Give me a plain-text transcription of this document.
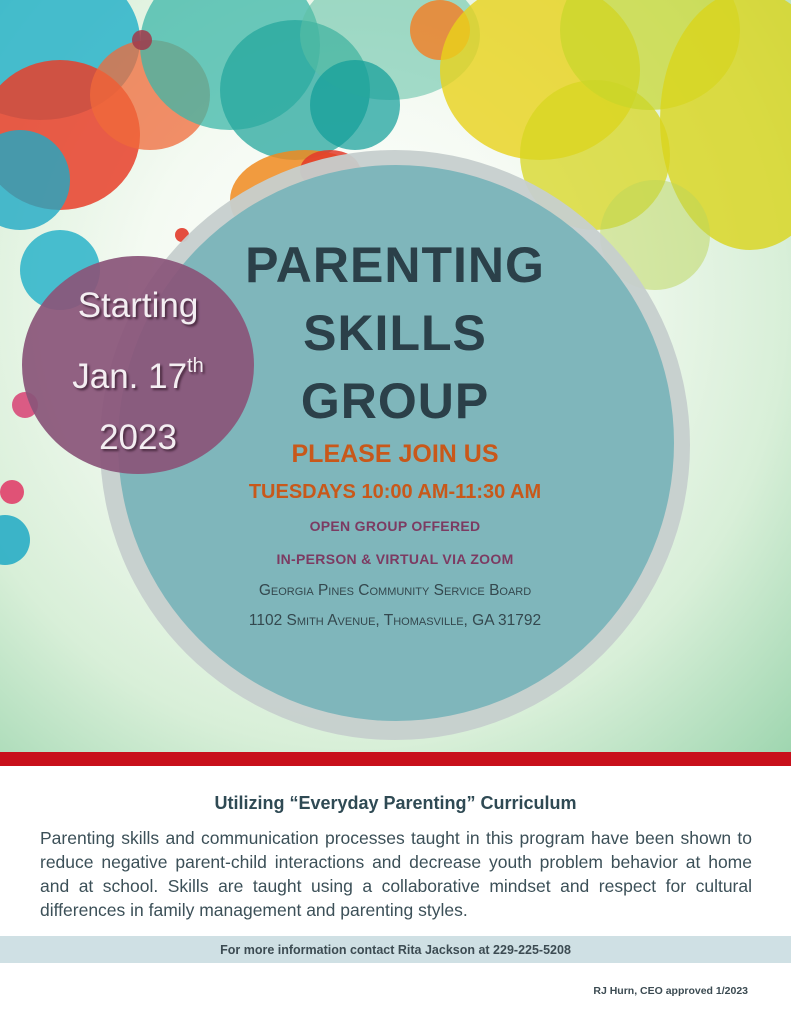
PARENTING
SKILLS
GROUP
PLEASE JOIN US
TUESDAYS 10:00 AM-11:30 AM
OPEN GROUP OFFERED
IN-PERSON & VIRTUAL VIA ZOOM
Georgia Pines Community Service Board
1102 Smith Avenue, Thomasville, GA 31792
Starting
Jan. 17th
2023
Utilizing “Everyday Parenting” Curriculum
Parenting skills and communication processes taught in this program have been shown to reduce negative parent-child interactions and decrease youth problem behavior at home and at school. Skills are taught using a collaborative mindset and respect for cultural differences in family management and parenting styles.
For more information contact Rita Jackson at 229-225-5208
RJ Hurn, CEO approved 1/2023
